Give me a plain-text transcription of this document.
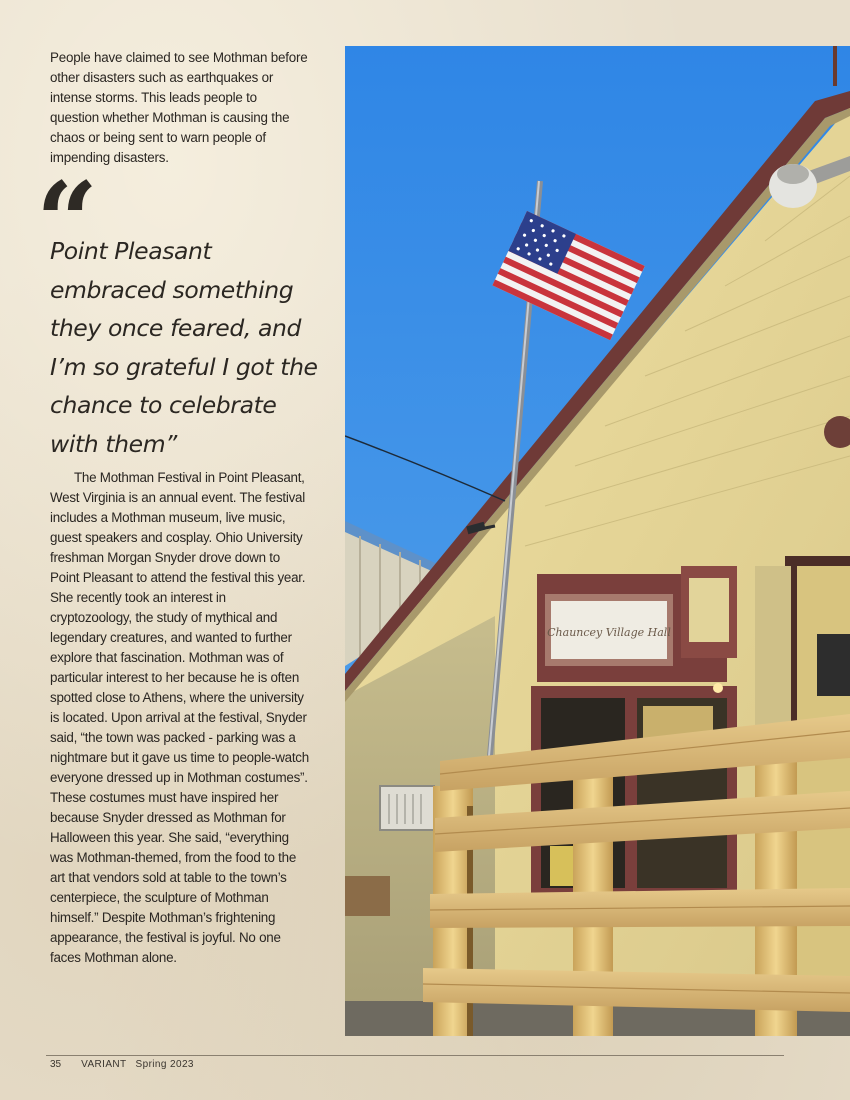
People have claimed to see Mothman before other disasters such as earthquakes or intense storms. This leads people to question whether Mothman is causing the chaos or being sent to warn people of impending disasters.

“

Point Pleasant embraced something they once feared, and I’m so grateful I got the chance to celebrate with them”

The Mothman Festival in Point Pleasant, West Virginia is an annual event. The festival includes a Mothman museum, live music, guest speakers and cosplay. Ohio University freshman Morgan Snyder drove down to Point Pleasant to attend the festival this year. She recently took an interest in cryptozoology, the study of mythical and legendary creatures, and wanted to further explore that fascination. Mothman was of particular interest to her because he is often spotted close to Athens, where the university is located. Upon arrival at the festival, Snyder said, “the town was packed - parking was a nightmare but it gave us time to people-watch everyone dressed up in Mothman costumes”. These costumes must have inspired her because Snyder dressed as Mothman for Halloween this year. She said, “everything was Mothman-themed, from the food to the art that vendors sold at table to the town’s centerpiece, the sculpture of Mothman himself.” Despite Mothman’s frightening appearance, the festival is joyful. No one faces Mothman alone.

Chauncey Village Hall
35 VARIANT Spring 2023
